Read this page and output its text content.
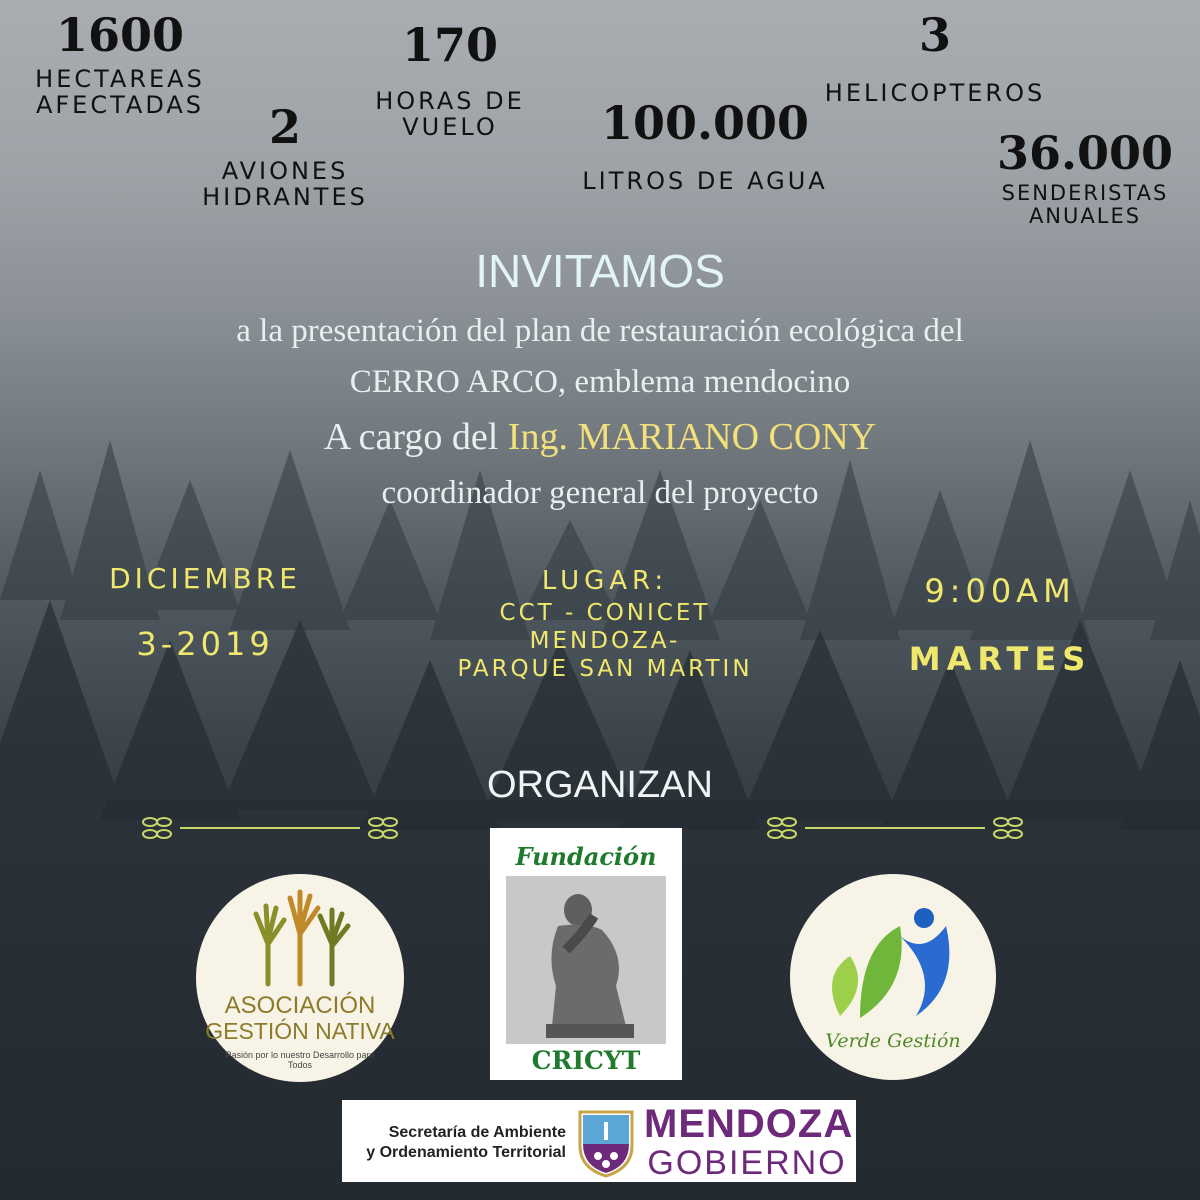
1600
HECTAREAS
AFECTADAS	2
AVIONES
HIDRANTES
170
HORAS DE
VUELO	100.000
LITROS DE AGUA
3
HELICOPTEROS
36.000
SENDERISTAS
ANUALES
INVITAMOS
a la presentación del plan de restauración ecológica del
CERRO ARCO, emblema mendocino
A cargo del Ing. MARIANO CONY
coordinador general del proyecto
DICIEMBRE
3-2019
LUGAR:
CCT - CONICET
MENDOZA-
PARQUE SAN MARTIN
9:00AM
MARTES
ORGANIZAN
ASOCIACIÓN
GESTIÓN NATIVA
Pasión por lo nuestro Desarrollo para Todos
Fundación
CRICYT
Verde Gestión
Secretaría de Ambiente
y Ordenamiento Territorial
MENDOZA
GOBIERNO
